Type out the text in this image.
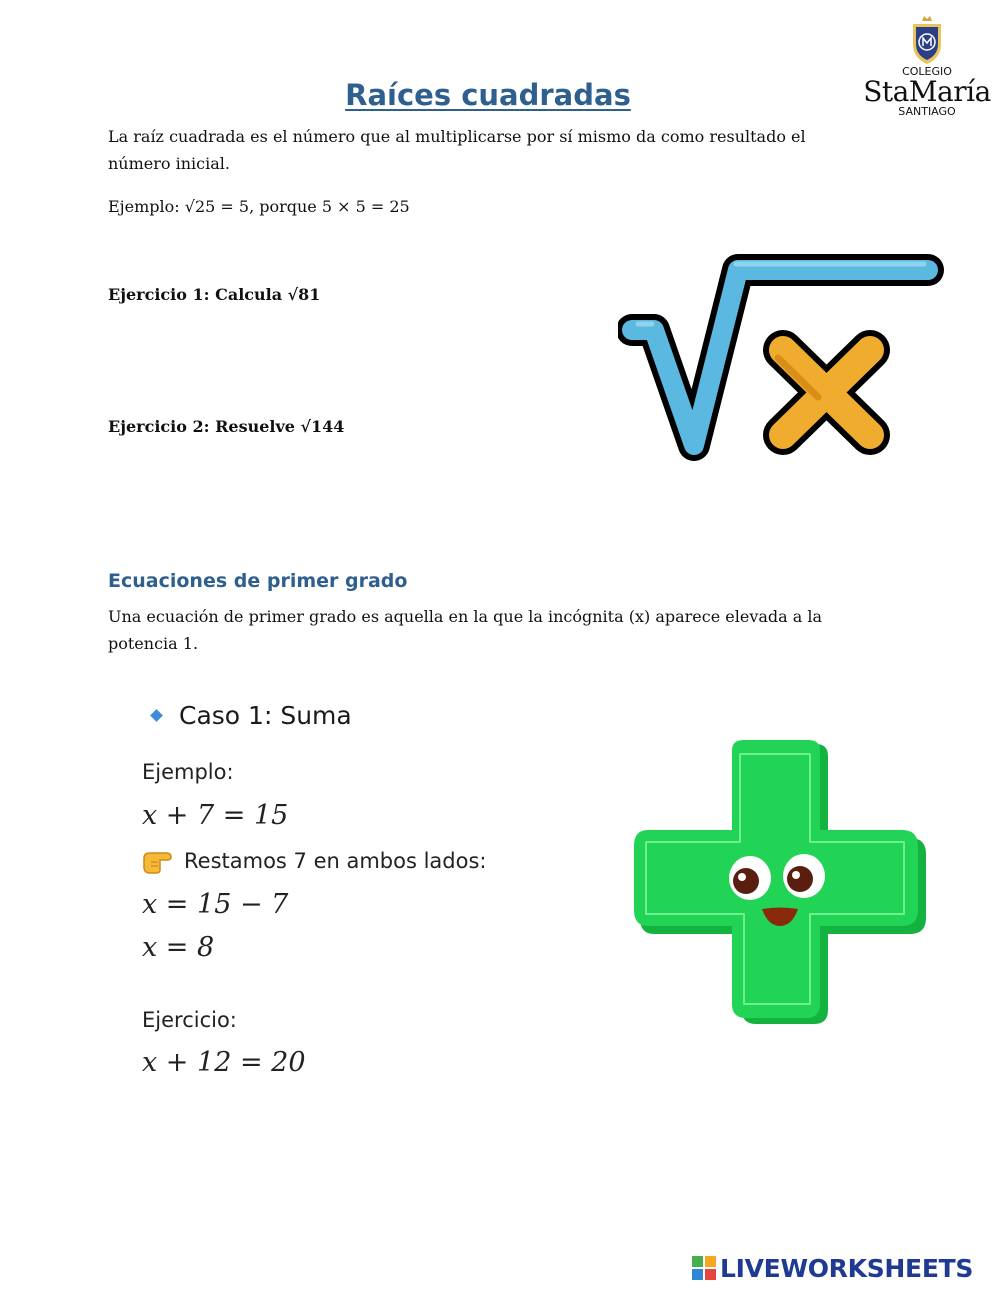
Raíces cuadradas
COLEGIO
StaMaría
SANTIAGO
La raíz cuadrada es el número que al multiplicarse por sí mismo da como resultado el número inicial.
Ejemplo: √25 = 5, porque 5 × 5 = 25
Ejercicio 1: Calcula √81
Ejercicio 2: Resuelve √144
Ecuaciones de primer grado
Una ecuación de primer grado es aquella en la que la incógnita (x) aparece elevada a la potencia 1.
Caso 1: Suma
Ejemplo:
x + 7 = 15
Restamos 7 en ambos lados:
x = 15 − 7
x = 8
Ejercicio:
x + 12 = 20
LIVEWORKSHEETS
